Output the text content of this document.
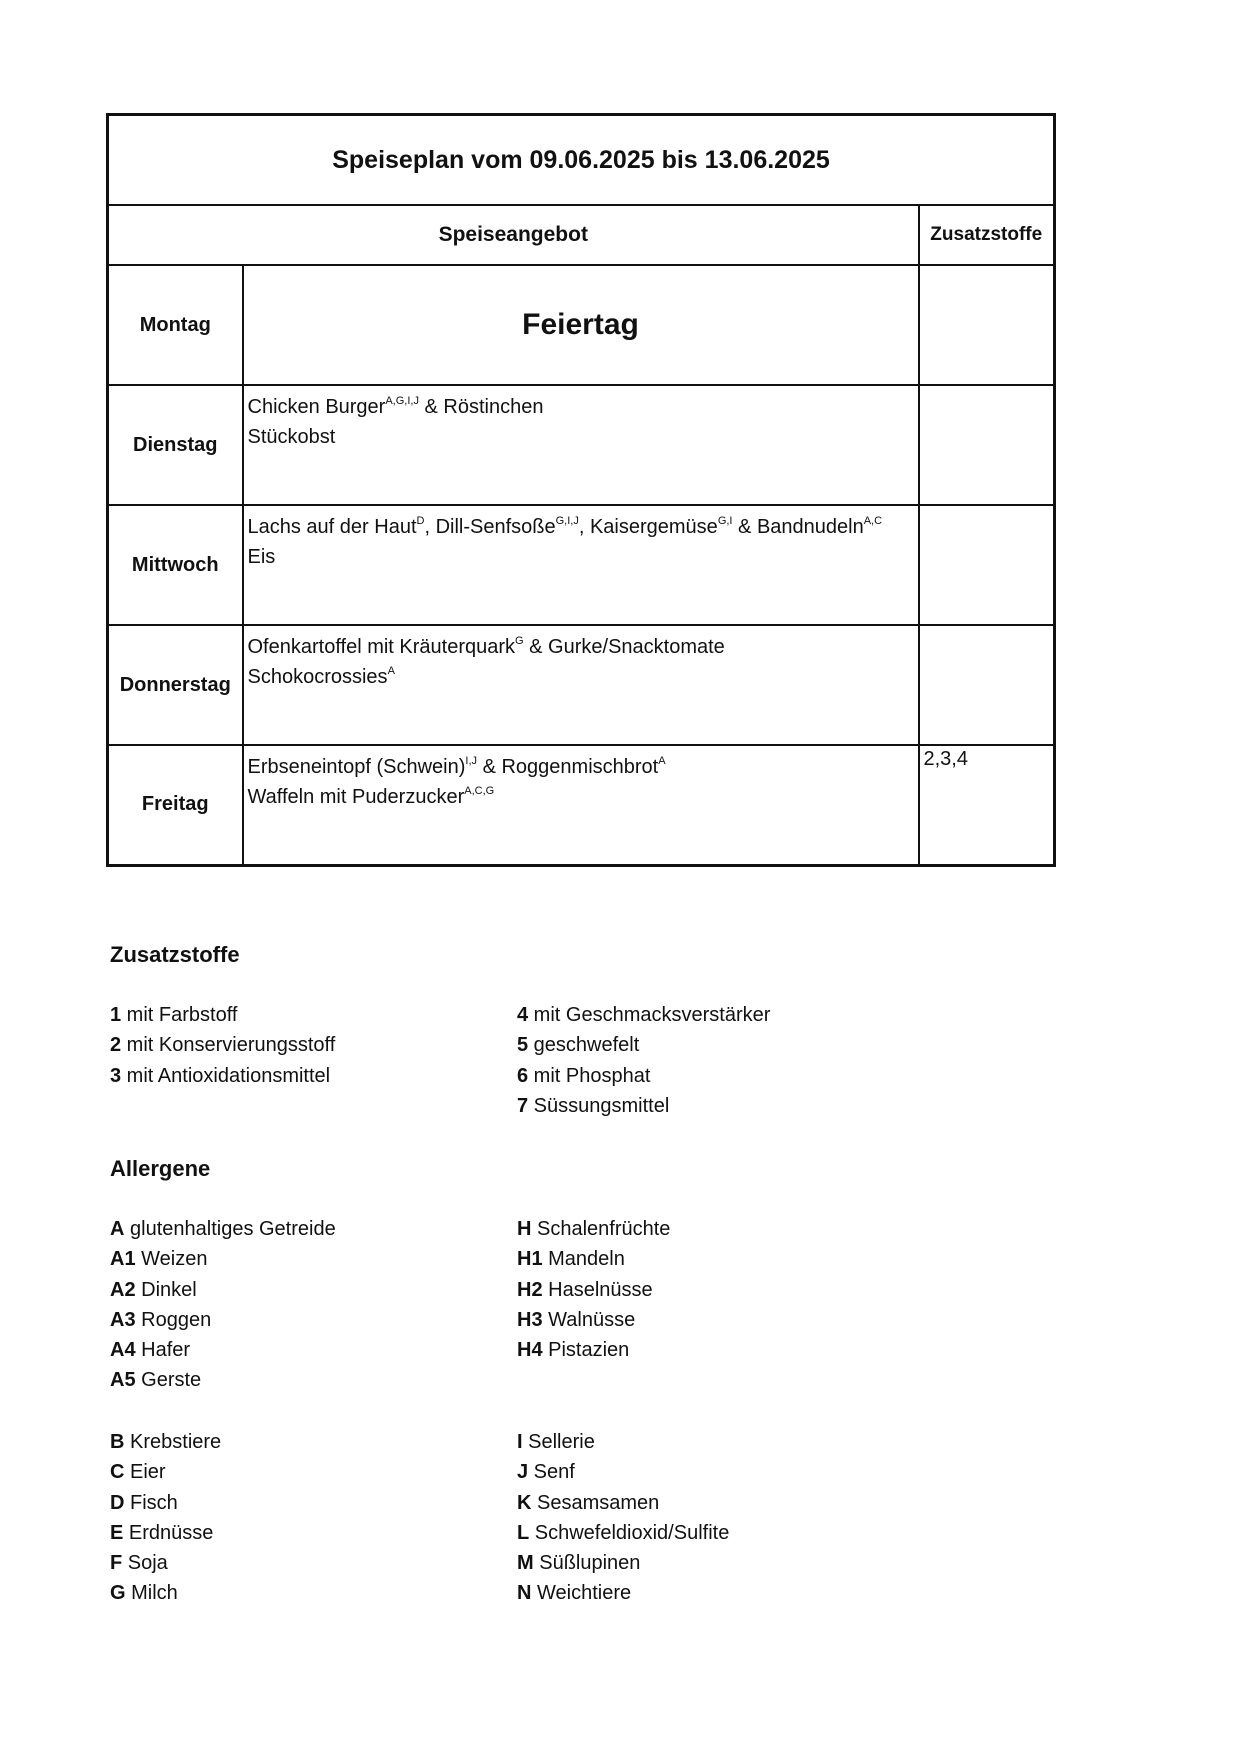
Speiseplan vom 09.06.2025 bis 13.06.2025		
Speiseangebot		Zusatzstoffe
Montag	Feiertag	
Dienstag	Chicken Burger$^{A,G,I,J}$ & Röstinchen
Stückobst	

Mittwoch	Lachs auf der Haut$^D$, Dill-Senfsoße$^{G,I,J}$, Kaisergemüse$^{G,I}$ & Bandnudeln$^{A,C}$
Eis	

Donnerstag	Ofenkartoffel mit Kräuterquark$^G$ & Gurke/Snacktomate
Schokocrossies$^A$

Freitag	Erbseneintopf (Schwein)$^{I,J}$ & Roggenmischbrot$^A$
Waffeln mit Puderzucker$^{A,C,G}$	2,3,4
Zusatzstoffe
1 mit Farbstoff
2 mit Konservierungsstoff
3 mit Antioxidationsmittel
4 mit Geschmacksverstärker
5 geschwefelt
6 mit Phosphat
7 Süssungsmittel
Allergene
A glutenhaltiges Getreide
A1 Weizen
A2 Dinkel
A3 Roggen
A4 Hafer
A5 Gerste
H Schalenfrüchte
H1 Mandeln
H2 Haselnüsse
H3 Walnüsse
H4 Pistazien
B Krebstiere
C Eier
D Fisch
E Erdnüsse
F Soja
G Milch
I Sellerie
J Senf
K Sesamsamen
L Schwefeldioxid/Sulfite
M Süßlupinen
N Weichtiere
